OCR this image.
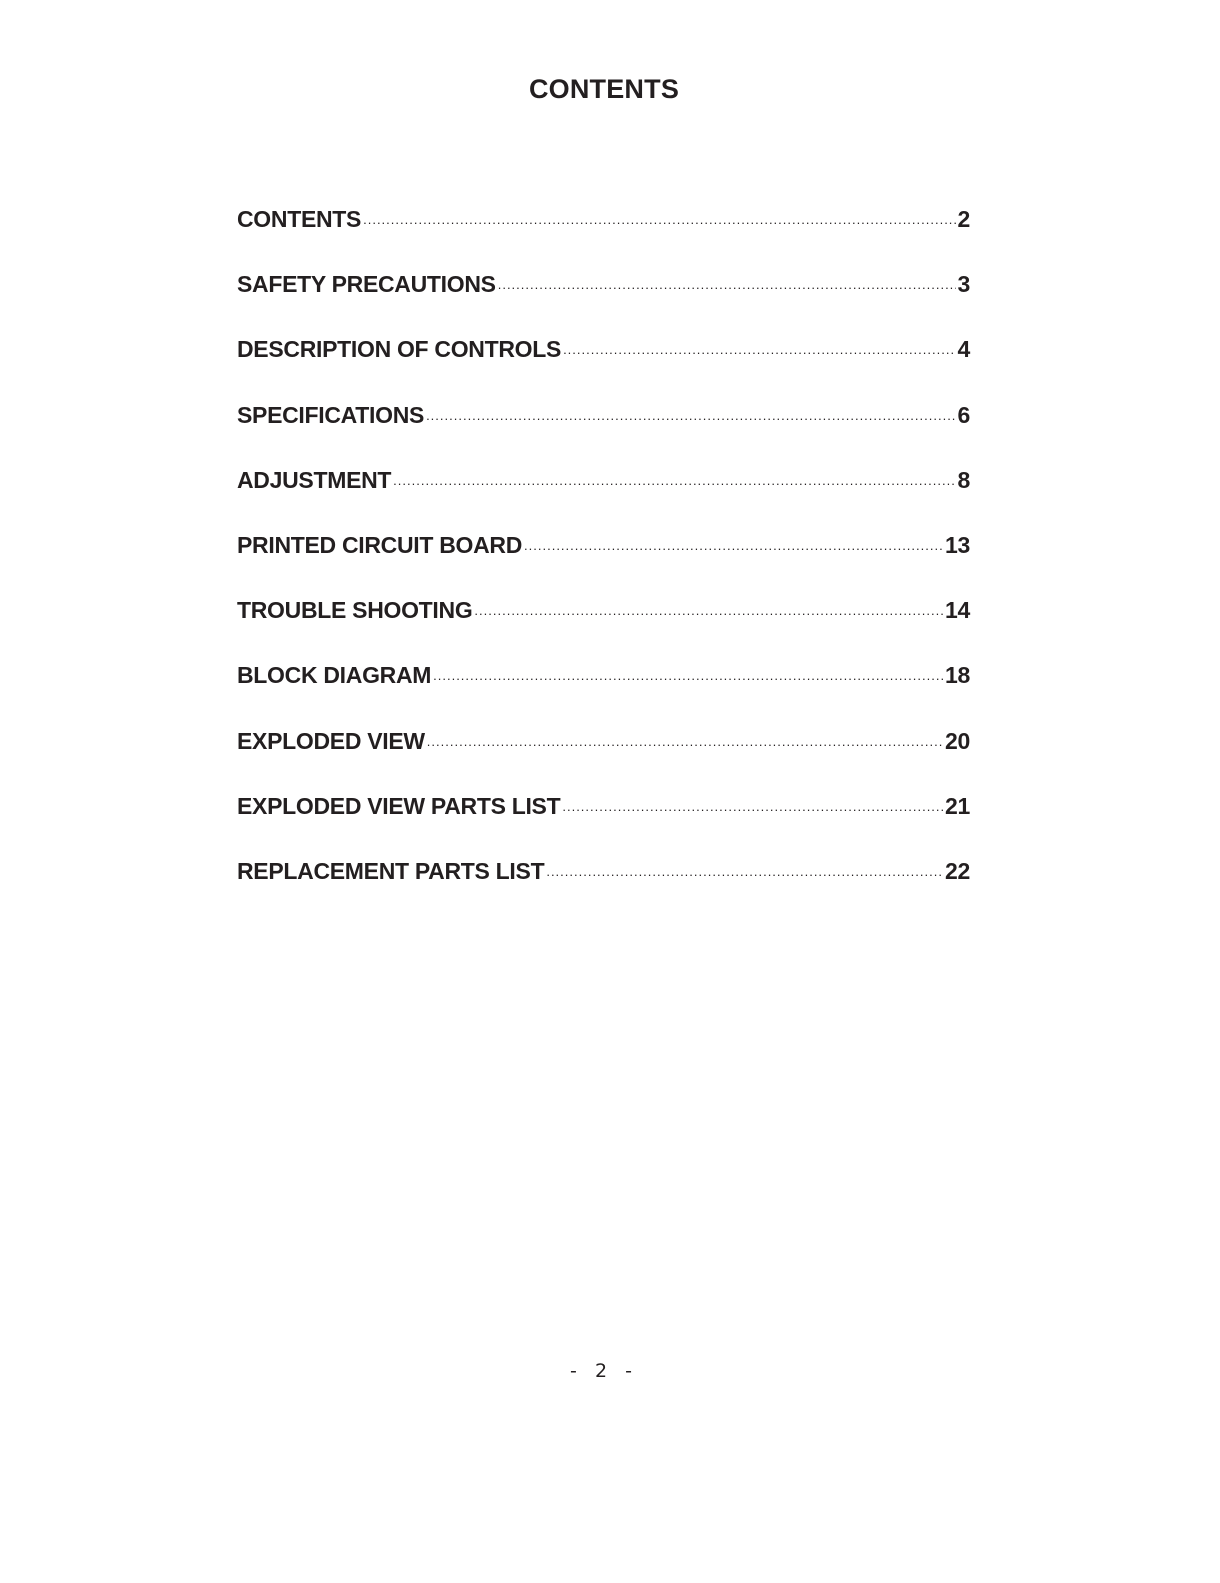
CONTENTS
CONTENTS .....	2
SAFETY PRECAUTIONS .....	3
DESCRIPTION OF CONTROLS .....	4
SPECIFICATIONS .....	6
ADJUSTMENT .....	8
PRINTED CIRCUIT BOARD .....	13
TROUBLE SHOOTING .....	14
BLOCK DIAGRAM .....	18
EXPLODED VIEW .....	20
EXPLODED VIEW PARTS LIST .....	21
REPLACEMENT PARTS LIST .....	22
- 2 -
